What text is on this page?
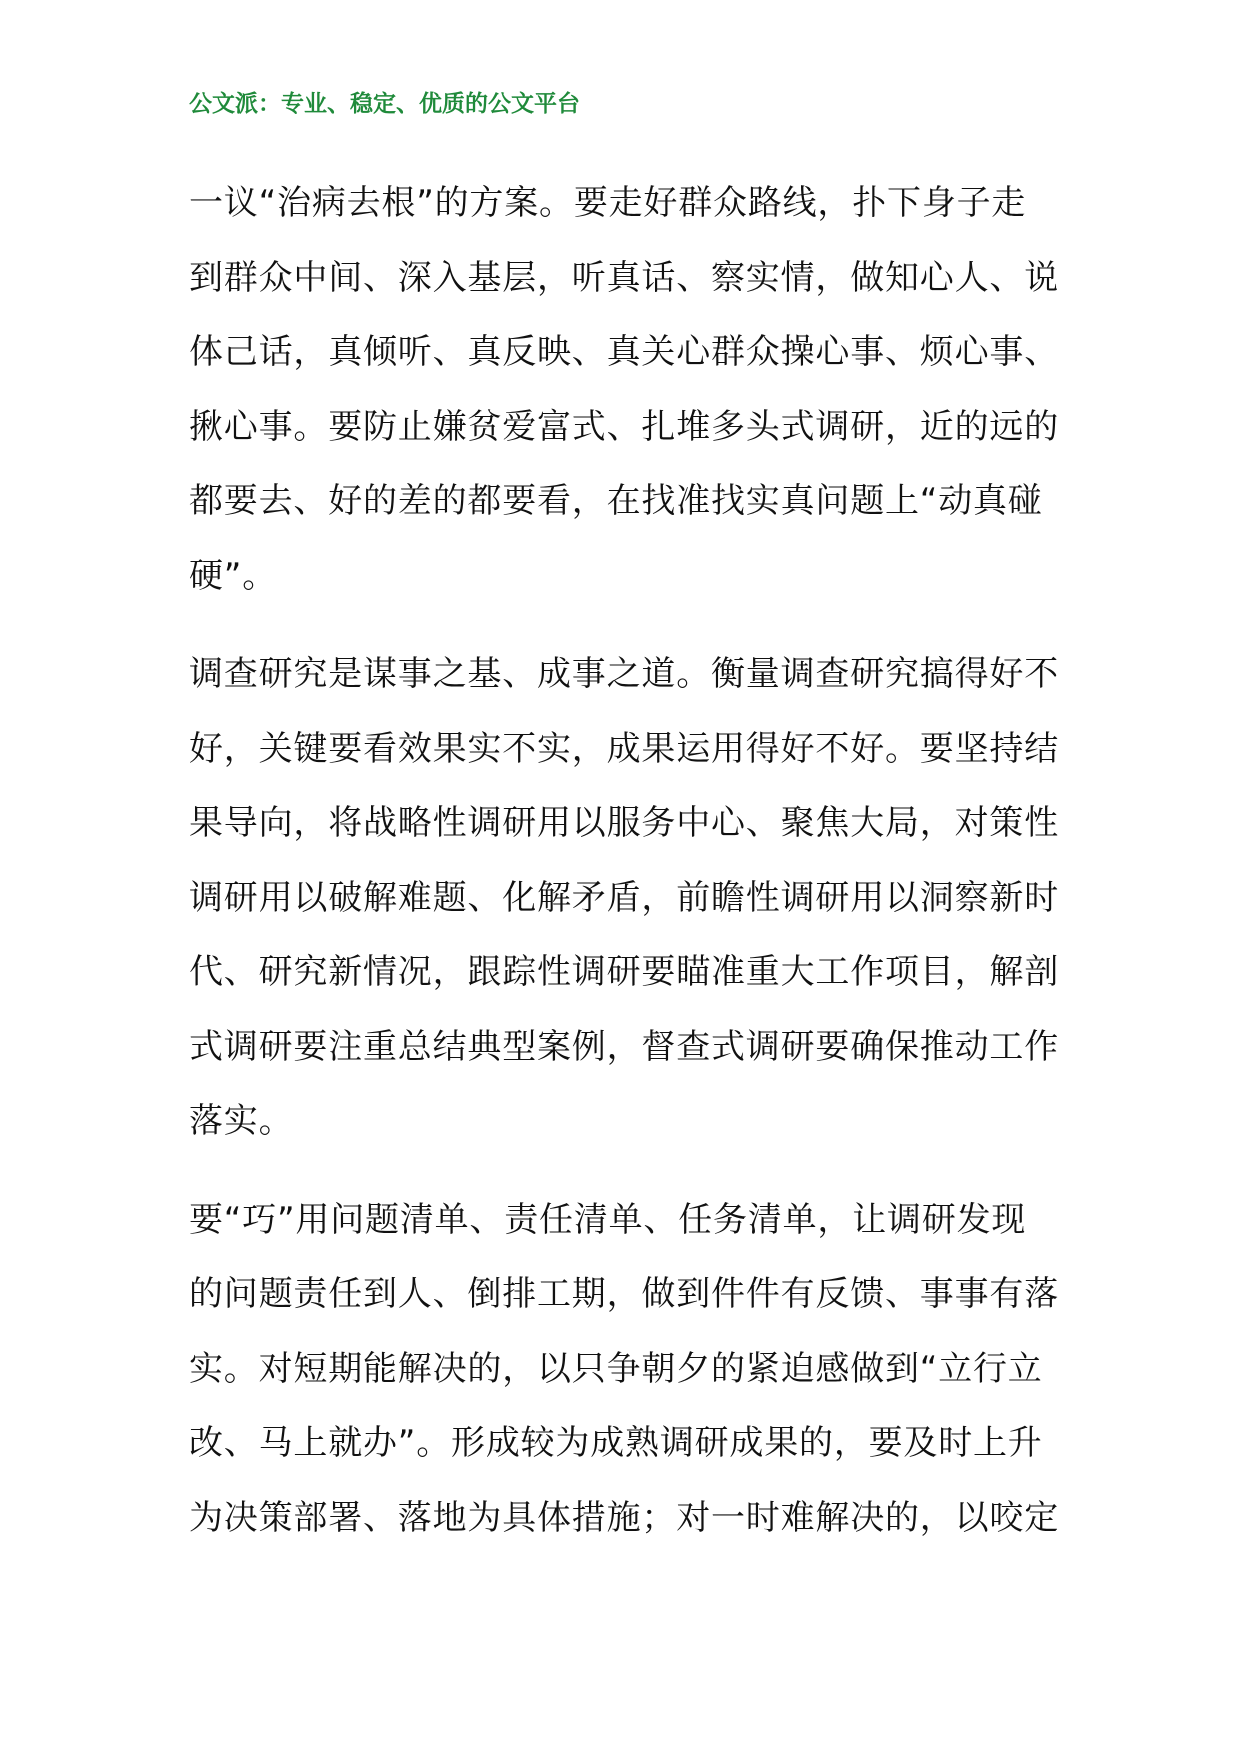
公文派：专业、稳定、优质的公文平台
一议“治病去根”的方案。要走好群众路线，扑下身子走
到群众中间、深入基层，听真话、察实情，做知心人、说
体己话，真倾听、真反映、真关心群众操心事、烦心事、
揪心事。要防止嫌贫爱富式、扎堆多头式调研，近的远的
都要去、好的差的都要看，在找准找实真问题上“动真碰
硬”。
调查研究是谋事之基、成事之道。衡量调查研究搞得好不
好，关键要看效果实不实，成果运用得好不好。要坚持结
果导向，将战略性调研用以服务中心、聚焦大局，对策性
调研用以破解难题、化解矛盾，前瞻性调研用以洞察新时
代、研究新情况，跟踪性调研要瞄准重大工作项目，解剖
式调研要注重总结典型案例，督查式调研要确保推动工作
落实。
要“巧”用问题清单、责任清单、任务清单，让调研发现
的问题责任到人、倒排工期，做到件件有反馈、事事有落
实。对短期能解决的，以只争朝夕的紧迫感做到“立行立
改、马上就办”。形成较为成熟调研成果的，要及时上升
为决策部署、落地为具体措施；对一时难解决的，以咬定
